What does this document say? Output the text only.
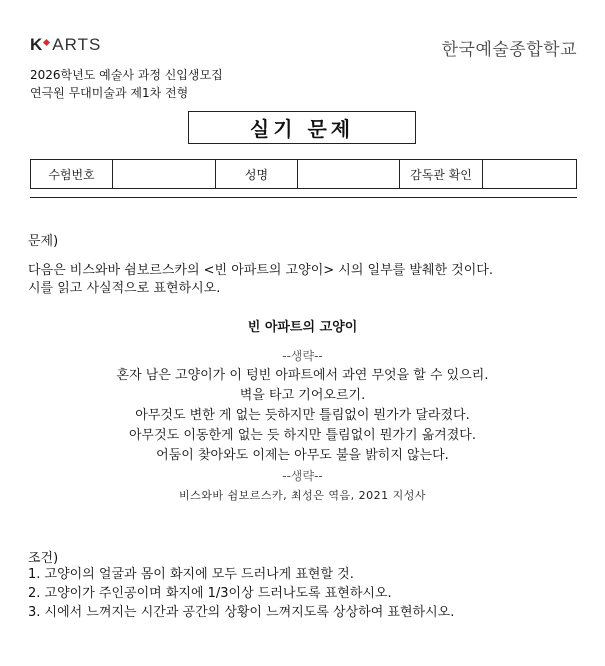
K ARTS	한국예술종합학교
2026학년도 예술사 과정 신입생모집
연극원 무대미술과 제1차 전형
실기 문제
수험번호		성명		감독관 확인	
문제)
다음은 비스와바 쉼보르스카의 <빈 아파트의 고양이> 시의 일부를 발췌한 것이다.
시를 읽고 사실적으로 표현하시오.
빈 아파트의 고양이
--생략--
혼자 남은 고양이가 이 텅빈 아파트에서 과연 무엇을 할 수 있으리.
벽을 타고 기어오르기.
아무것도 변한 게 없는 듯하지만 틀림없이 뭔가가 달라졌다.
아무것도 이동한게 없는 듯 하지만 틀림없이 뭔가기 옮겨졌다.
어둠이 찾아와도 이제는 아무도 불을 밝히지 않는다.
--생략--
비스와바 쉼보르스카, 최성은 역음, 2021 지성사
조건)
1. 고양이의 얼굴과 몸이 화지에 모두 드러나게 표현할 것.
2. 고양이가 주인공이며 화지에 1/3이상 드러나도록 표현하시오.
3. 시에서 느껴지는 시간과 공간의 상황이 느껴지도록 상상하여 표현하시오.
